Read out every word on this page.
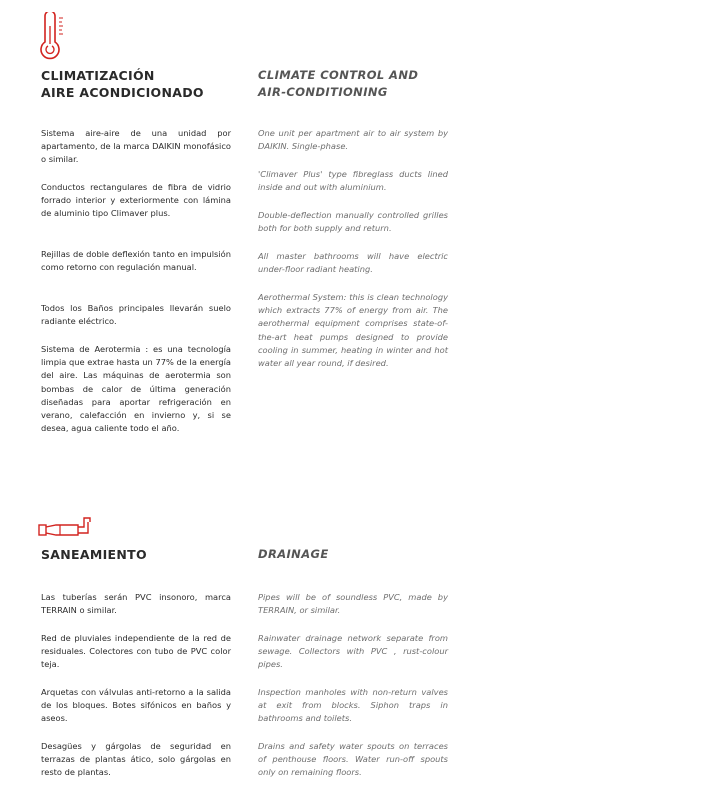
CLIMATIZACIÓN
AIRE ACONDICIONADO
CLIMATE CONTROL AND
AIR-CONDITIONING

Sistema aire-aire de una unidad por apartamento, de la marca DAIKIN monofásico o similar.

Conductos rectangulares de fibra de vidrio forrado interior y exteriormente con lámina de aluminio tipo Climaver plus.

Rejillas de doble deflexión tanto en impulsión como retorno con regulación manual.

Todos los Baños principales llevarán suelo radiante eléctrico.

Sistema de Aerotermia : es una tecnología limpia que extrae hasta un 77% de la energía del aire. Las máquinas de aerotermia son bombas de calor de última generación diseñadas para aportar refrigeración en verano, calefacción en invierno y, si se desea, agua caliente todo el año.

One unit per apartment air to air system by DAIKIN. Single-phase.

'Climaver Plus' type fibreglass ducts lined inside and out with aluminium.

Double-deflection manually controlled grilles both for both supply and return.

All master bathrooms will have electric under-floor radiant heating.

Aerothermal System: this is clean technology which extracts 77% of energy from air. The aerothermal equipment comprises state-of-the-art heat pumps designed to provide cooling in summer, heating in winter and hot water all year round, if desired.

SANEAMIENTO	DRAINAGE

Las tuberías serán PVC insonoro, marca TERRAIN o similar.

Red de pluviales independiente de la red de residuales. Colectores con tubo de PVC color teja.

Arquetas con válvulas anti-retorno a la salida de los bloques. Botes sifónicos en baños y aseos.

Desagües y gárgolas de seguridad en terrazas de plantas ático, solo gárgolas en resto de plantas.

Pipes will be of soundless PVC, made by TERRAIN, or similar.

Rainwater drainage network separate from sewage. Collectors with PVC , rust-colour pipes.

Inspection manholes with non-return valves at exit from blocks. Siphon traps in bathrooms and toilets.

Drains and safety water spouts on terraces of penthouse floors. Water run-off spouts only on remaining floors.
